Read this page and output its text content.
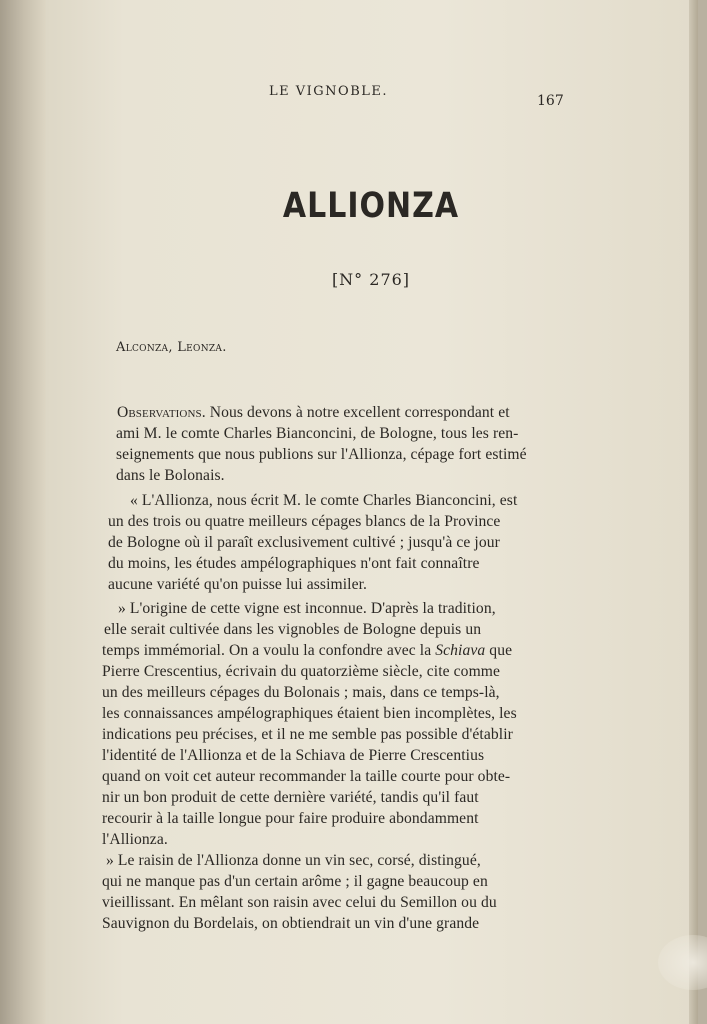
LE VIGNOBLE.
167
ALLIONZA
[N° 276]
Alconza, Leonza.
Observations. Nous devons à notre excellent correspondant et
ami M. le comte Charles Bianconcini, de Bologne, tous les ren-
seignements que nous publions sur l'Allionza, cépage fort estimé
dans le Bolonais.
« L'Allionza, nous écrit M. le comte Charles Bianconcini, est
un des trois ou quatre meilleurs cépages blancs de la Province
de Bologne où il paraît exclusivement cultivé ; jusqu'à ce jour
du moins, les études ampélographiques n'ont fait connaître
aucune variété qu'on puisse lui assimiler.
» L'origine de cette vigne est inconnue. D'après la tradition,
elle serait cultivée dans les vignobles de Bologne depuis un
temps immémorial. On a voulu la confondre avec la Schiava que
Pierre Crescentius, écrivain du quatorzième siècle, cite comme
un des meilleurs cépages du Bolonais ; mais, dans ce temps-là,
les connaissances ampélographiques étaient bien incomplètes, les
indications peu précises, et il ne me semble pas possible d'établir
l'identité de l'Allionza et de la Schiava de Pierre Crescentius
quand on voit cet auteur recommander la taille courte pour obte-
nir un bon produit de cette dernière variété, tandis qu'il faut
recourir à la taille longue pour faire produire abondamment
l'Allionza.
» Le raisin de l'Allionza donne un vin sec, corsé, distingué,
qui ne manque pas d'un certain arôme ; il gagne beaucoup en
vieillissant. En mêlant son raisin avec celui du Semillon ou du
Sauvignon du Bordelais, on obtiendrait un vin d'une grande
